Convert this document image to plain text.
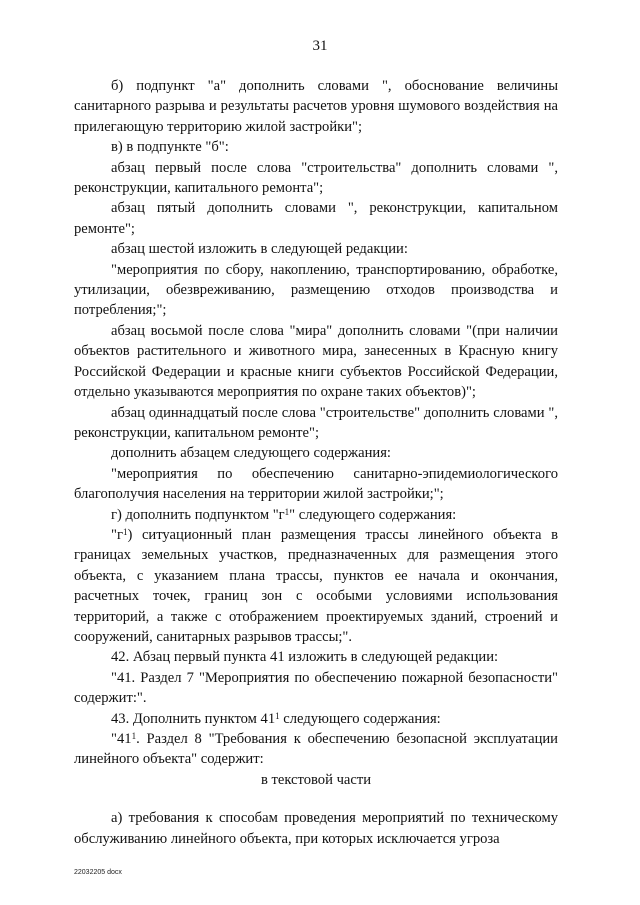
31

б) подпункт "а" дополнить словами ", обоснование величины санитарного разрыва и результаты расчетов уровня шумового воздействия на прилегающую территорию жилой застройки";

в) в подпункте "б":

абзац первый после слова "строительства" дополнить словами ", реконструкции, капитального ремонта";

абзац пятый дополнить словами ", реконструкции, капитальном ремонте";

абзац шестой изложить в следующей редакции:

"мероприятия по сбору, накоплению, транспортированию, обработке, утилизации, обезвреживанию, размещению отходов производства и потребления;";

абзац восьмой после слова "мира" дополнить словами "(при наличии объектов растительного и животного мира, занесенных в Красную книгу Российской Федерации и красные книги субъектов Российской Федерации, отдельно указываются мероприятия по охране таких объектов)";

абзац одиннадцатый после слова "строительстве" дополнить словами ", реконструкции, капитальном ремонте";

дополнить абзацем следующего содержания:

"мероприятия по обеспечению санитарно-эпидемиологического благополучия населения на территории жилой застройки;";

г) дополнить подпунктом "$г^1$" следующего содержания:

"$г^1$) ситуационный план размещения трассы линейного объекта в границах земельных участков, предназначенных для размещения этого объекта, с указанием плана трассы, пунктов ее начала и окончания, расчетных точек, границ зон с особыми условиями использования территорий, а также с отображением проектируемых зданий, строений и сооружений, санитарных разрывов трассы;".

42. Абзац первый пункта 41 изложить в следующей редакции:

"41. Раздел 7 "Мероприятия по обеспечению пожарной безопасности" содержит:".

43. Дополнить пунктом $41^1$ следующего содержания:

"$41^1$. Раздел 8 "Требования к обеспечению безопасной эксплуатации линейного объекта" содержит:

в текстовой части

а) требования к способам проведения мероприятий по техническому обслуживанию линейного объекта, при которых исключается угроза

22032205 docx
